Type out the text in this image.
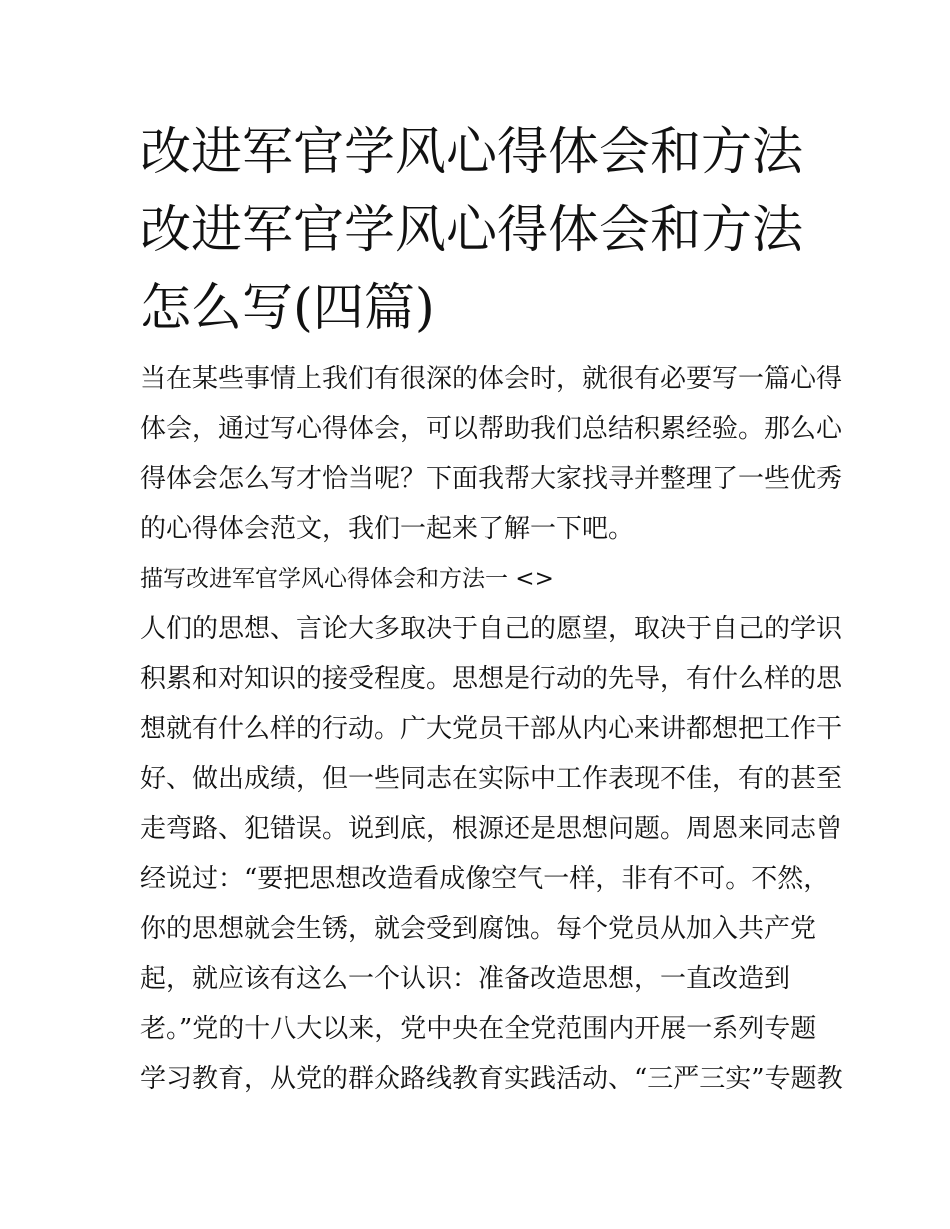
改进军官学风心得体会和方法
改进军官学风心得体会和方法
怎么写(四篇)
当在某些事情上我们有很深的体会时，就很有必要写一篇心得
体会，通过写心得体会，可以帮助我们总结积累经验。那么心
得体会怎么写才恰当呢？下面我帮大家找寻并整理了一些优秀
的心得体会范文，我们一起来了解一下吧。
描写改进军官学风心得体会和方法一 <>
人们的思想、言论大多取决于自己的愿望，取决于自己的学识
积累和对知识的接受程度。思想是行动的先导，有什么样的思
想就有什么样的行动。广大党员干部从内心来讲都想把工作干
好、做出成绩，但一些同志在实际中工作表现不佳，有的甚至
走弯路、犯错误。说到底，根源还是思想问题。周恩来同志曾
经说过：“要把思想改造看成像空气一样，非有不可。不然，
你的思想就会生锈，就会受到腐蚀。每个党员从加入共产党
起，就应该有这么一个认识：准备改造思想，一直改造到
老。”党的十八大以来，党中央在全党范围内开展一系列专题
学习教育，从党的群众路线教育实践活动、“三严三实”专题教
